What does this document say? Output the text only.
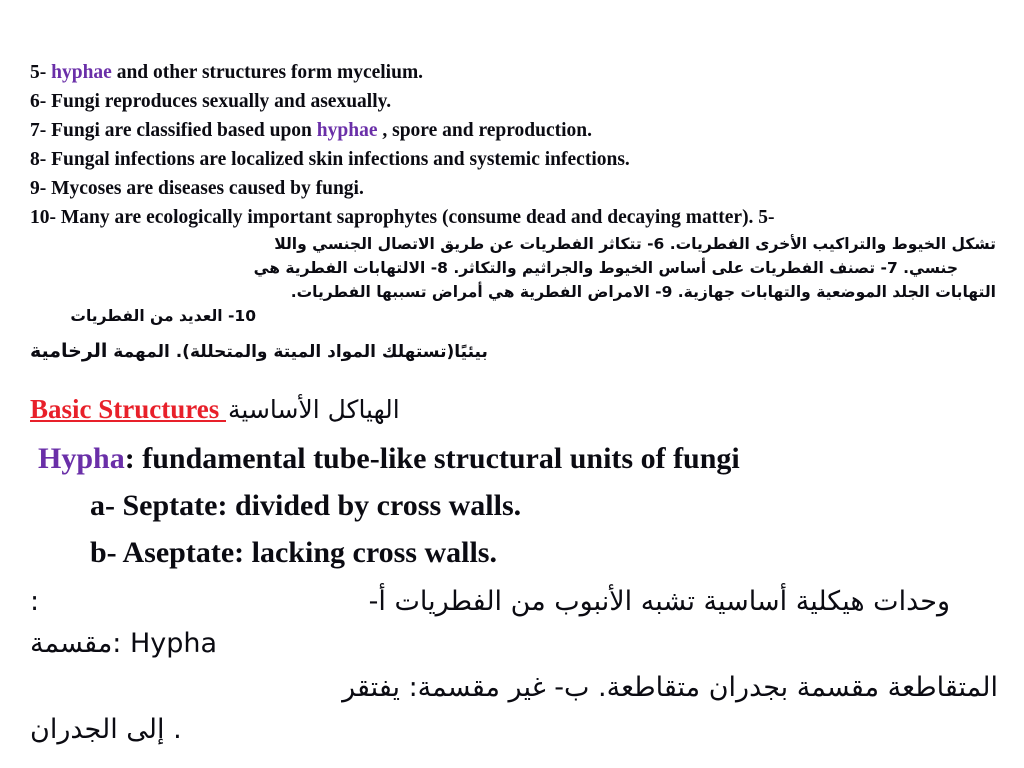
5- hyphae and other structures form mycelium.
6- Fungi reproduces sexually and asexually.
7- Fungi are classified based upon hyphae , spore and reproduction.
8- Fungal infections are localized skin infections and systemic infections.
9- Mycoses are diseases caused by fungi.
10- Many are ecologically important saprophytes (consume dead and decaying matter). 5-
تشكل الخيوط والتراكيب الأخرى الفطريات. 6- تتكاثر الفطريات عن طريق الاتصال الجنسي واللا
جنسي. 7- تصنف الفطريات على أساس الخيوط والجراثيم والتكاثر. 8- الالتهابات الفطرية هي
التهابات الجلد الموضعية والتهابات جهازية. 9- الامراض الفطرية هي أمراض تسببها الفطريات.
10- العديد من الفطريات
بيئيًا(تستهلك المواد الميتة والمتحللة). المهمة الرخامية
Basic Structures الهياكل الأساسية
Hypha: fundamental tube-like structural units of fungi
a- Septate: divided by cross walls.
b- Aseptate: lacking cross walls.
:	وحدات هيكلية أساسية تشبه الأنبوب من الفطريات أ-
مقسمة: Hypha
المتقاطعة مقسمة بجدران متقاطعة. ب- غير مقسمة: يفتقر
إلى الجدران .
